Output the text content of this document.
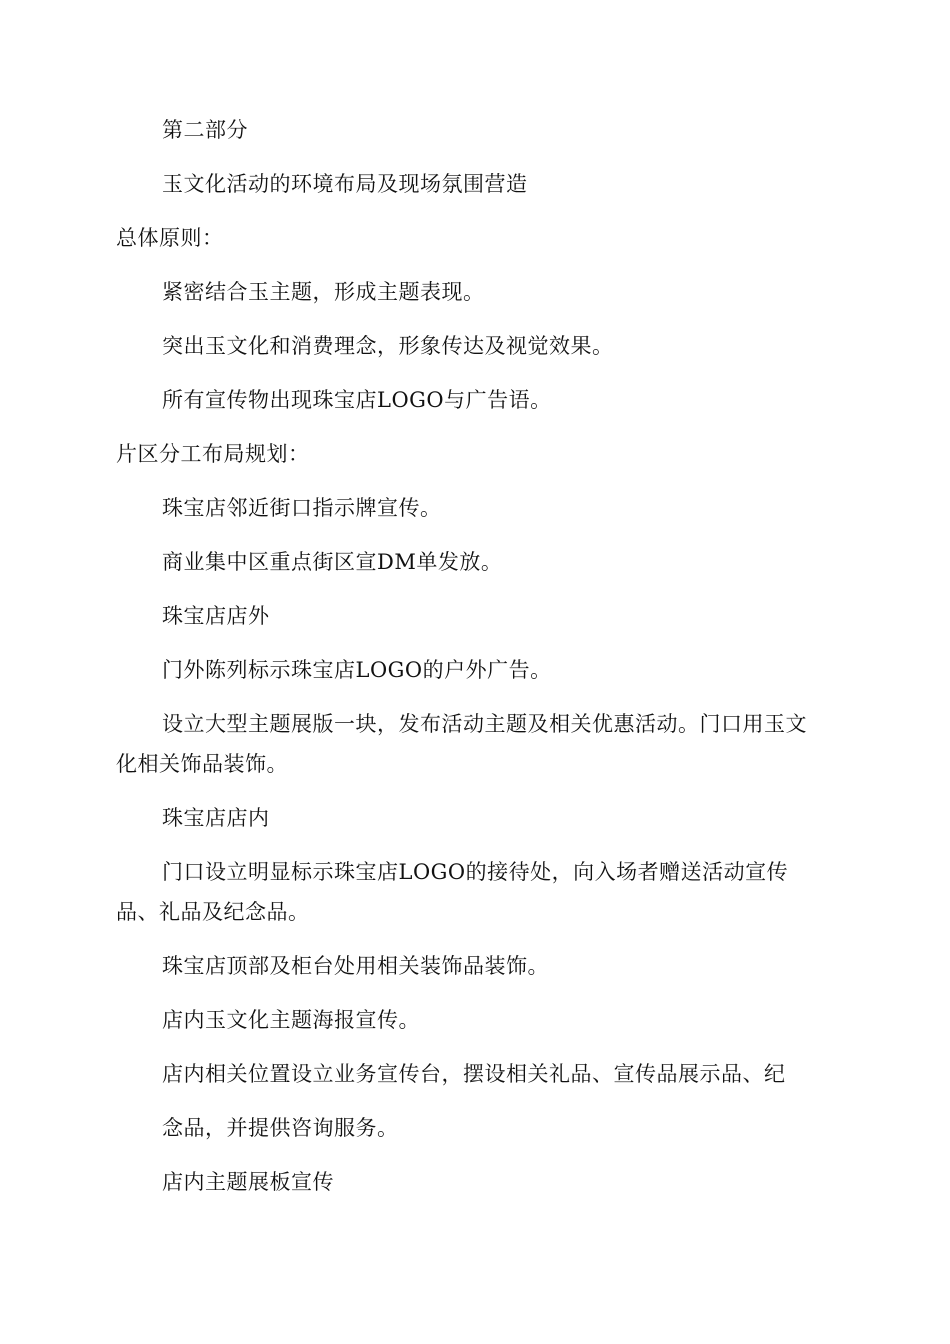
第二部分

玉文化活动的环境布局及现场氛围营造

总体原则：

紧密结合玉主题，形成主题表现。

突出玉文化和消费理念，形象传达及视觉效果。

所有宣传物出现珠宝店LOGO与广告语。

片区分工布局规划：

珠宝店邻近街口指示牌宣传。

商业集中区重点街区宣DM单发放。

珠宝店店外

门外陈列标示珠宝店LOGO的户外广告。

设立大型主题展版一块，发布活动主题及相关优惠活动。门口用玉文

化相关饰品装饰。

珠宝店店内

门口设立明显标示珠宝店LOGO的接待处，向入场者赠送活动宣传

品、礼品及纪念品。

珠宝店顶部及柜台处用相关装饰品装饰。

店内玉文化主题海报宣传。

店内相关位置设立业务宣传台，摆设相关礼品、宣传品展示品、纪

念品，并提供咨询服务。

店内主题展板宣传
